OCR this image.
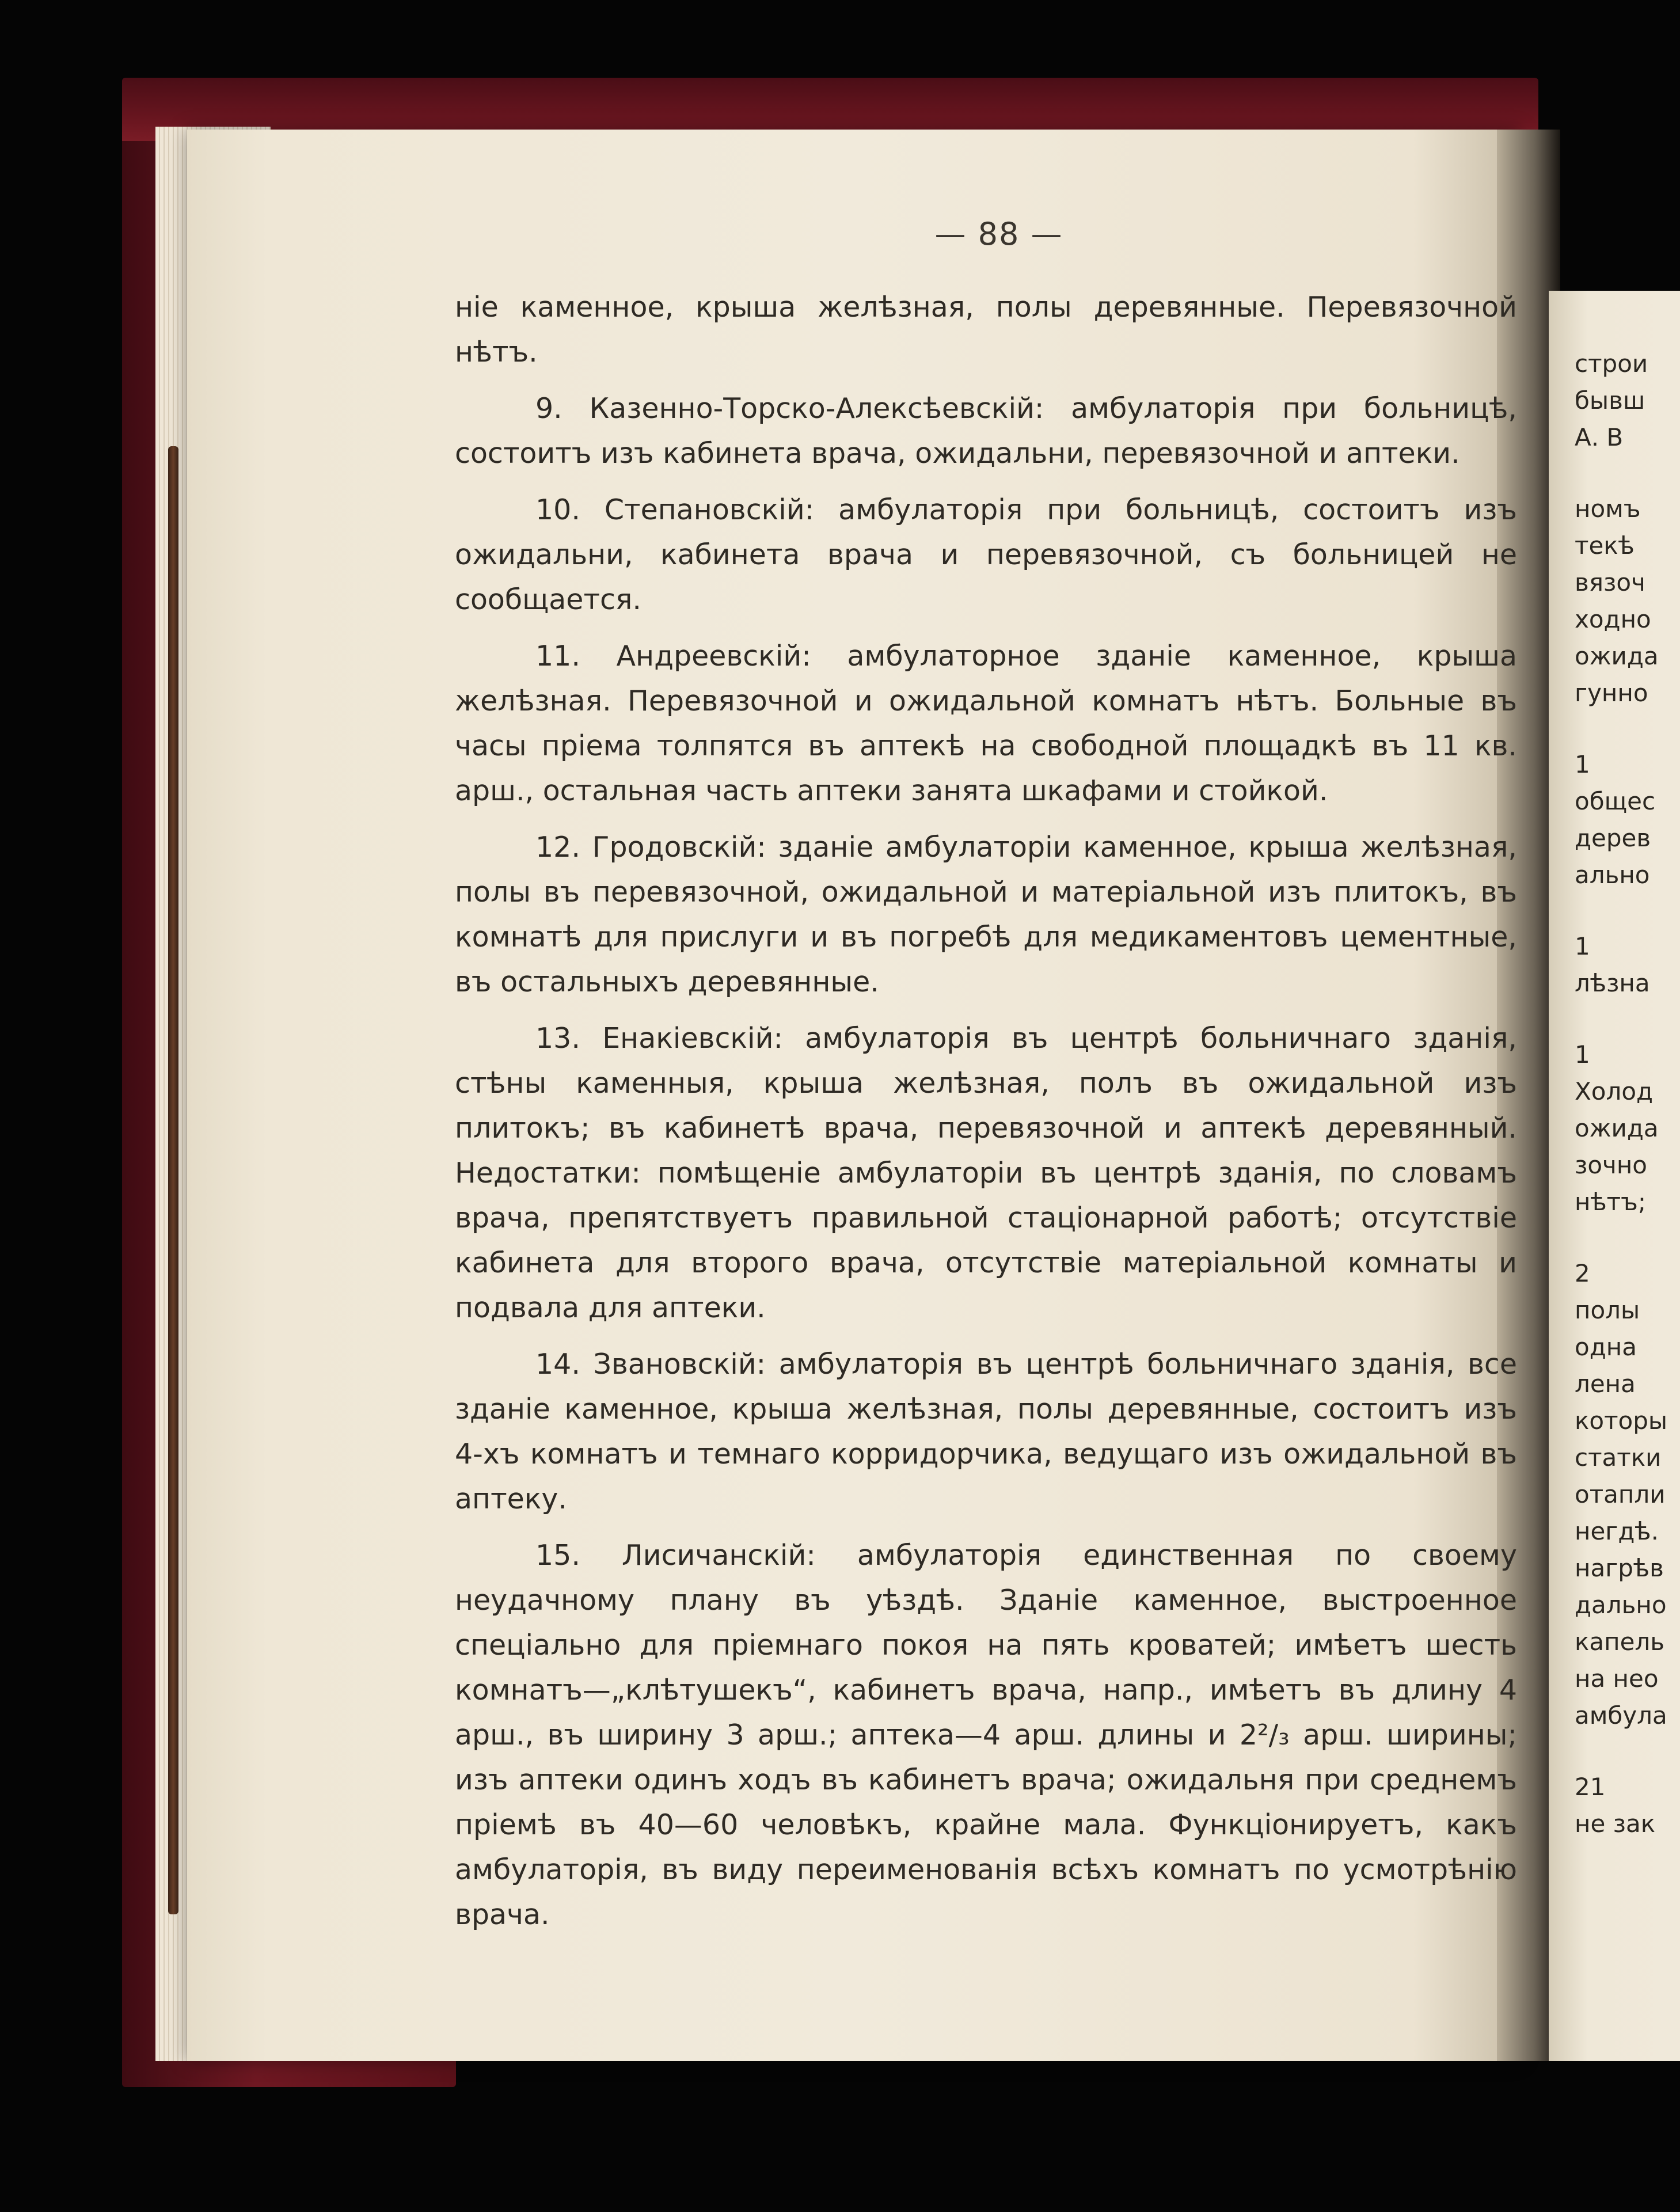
— 88 —

ніе каменное, крыша желѣзная, полы деревянные. Перевязочной нѣтъ.

9. Казенно-Торско-Алексѣевскій: амбулаторія при больницѣ, состоитъ изъ кабинета врача, ожидальни, перевязочной и аптеки.

10. Степановскій: амбулаторія при больницѣ, состоитъ изъ ожидальни, кабинета врача и перевязочной, съ больницей не сообщается.

11. Андреевскій: амбулаторное зданіе каменное, крыша желѣзная. Перевязочной и ожидальной комнатъ нѣтъ. Больные въ часы пріема толпятся въ аптекѣ на свободной площадкѣ въ 11 кв. арш., остальная часть аптеки занята шкафами и стойкой.

12. Гродовскій: зданіе амбулаторіи каменное, крыша желѣзная, полы въ перевязочной, ожидальной и матеріальной изъ плитокъ, въ комнатѣ для прислуги и въ погребѣ для медикаментовъ цементные, въ остальныхъ деревянные.

13. Енакіевскій: амбулаторія въ центрѣ больничнаго зданія, стѣны каменныя, крыша желѣзная, полъ въ ожидальной изъ плитокъ; въ кабинетѣ врача, перевязочной и аптекѣ деревянный. Недостатки: помѣщеніе амбулаторіи въ центрѣ зданія, по словамъ врача, препятствуетъ правильной стаціонарной работѣ; отсутствіе кабинета для второго врача, отсутствіе матеріальной комнаты и подвала для аптеки.

14. Звановскій: амбулаторія въ центрѣ больничнаго зданія, все зданіе каменное, крыша желѣзная, полы деревянные, состоитъ изъ 4-хъ комнатъ и темнаго корридорчика, ведущаго изъ ожидальной въ аптеку.

15. Лисичанскій: амбулаторія единственная по своему неудачному плану въ уѣздѣ. Зданіе каменное, выстроенное спеціально для пріемнаго покоя на пять кроватей; имѣетъ шесть комнатъ—„клѣтушекъ“, кабинетъ врача, напр., имѣетъ въ длину 4 арш., въ ширину 3 арш.; аптека—4 арш. длины и 2²/₃ арш. ширины; изъ аптеки одинъ ходъ въ кабинетъ врача; ожидальня при среднемъ пріемѣ въ 40—60 человѣкъ, крайне мала. Функціонируетъ, какъ амбулаторія, въ виду переименованія всѣхъ комнатъ по усмотрѣнію врача.

строи
бывш
А. В
номъ
текѣ
вязоч
ходно
ожида
гунно
1
общес
дерев
ально
1
лѣзна
1
Холод
ожида
зочно
нѣтъ;
2
полы
одна
лена
которы
статки
отапли
негдѣ.
нагрѣв
дально
капель
на нео
амбула
21
не зак
